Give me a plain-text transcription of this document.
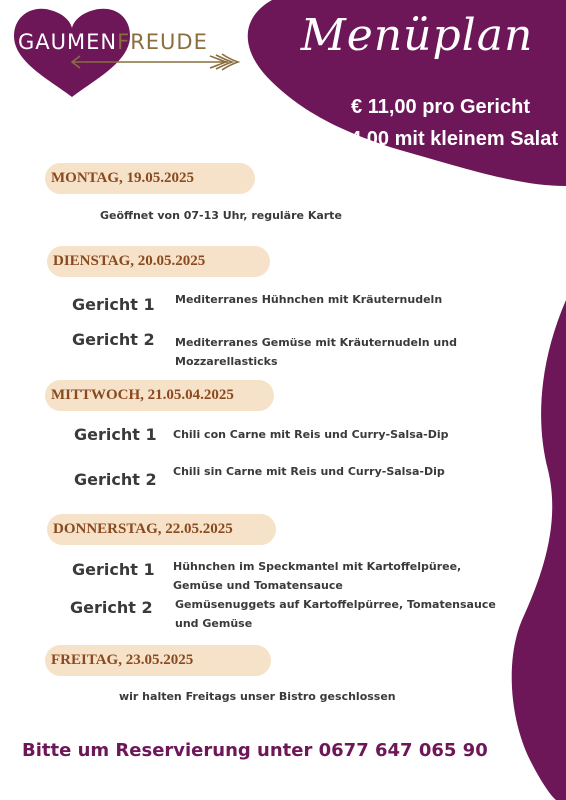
GAUMENFREUDE Menüplan
€ 11,00 pro Gericht
€ 14,00 mit kleinem Salat
MONTAG, 19.05.2025
Geöffnet von 07-13 Uhr, reguläre Karte
DIENSTAG, 20.05.2025
Gericht 1 Mediterranes Hühnchen mit Kräuternudeln
Gericht 2 Mediterranes Gemüse mit Kräuternudeln und Mozzarellasticks
MITTWOCH, 21.05.04.2025
Gericht 1 Chili con Carne mit Reis und Curry-Salsa-Dip
Gericht 2 Chili sin Carne mit Reis und Curry-Salsa-Dip
DONNERSTAG, 22.05.2025
Gericht 1 Hühnchen im Speckmantel mit Kartoffelpüree, Gemüse und Tomatensauce
Gericht 2 Gemüsenuggets auf Kartoffelpürree, Tomatensauce und Gemüse
FREITAG, 23.05.2025
wir halten Freitags unser Bistro geschlossen
Bitte um Reservierung unter 0677 647 065 90
